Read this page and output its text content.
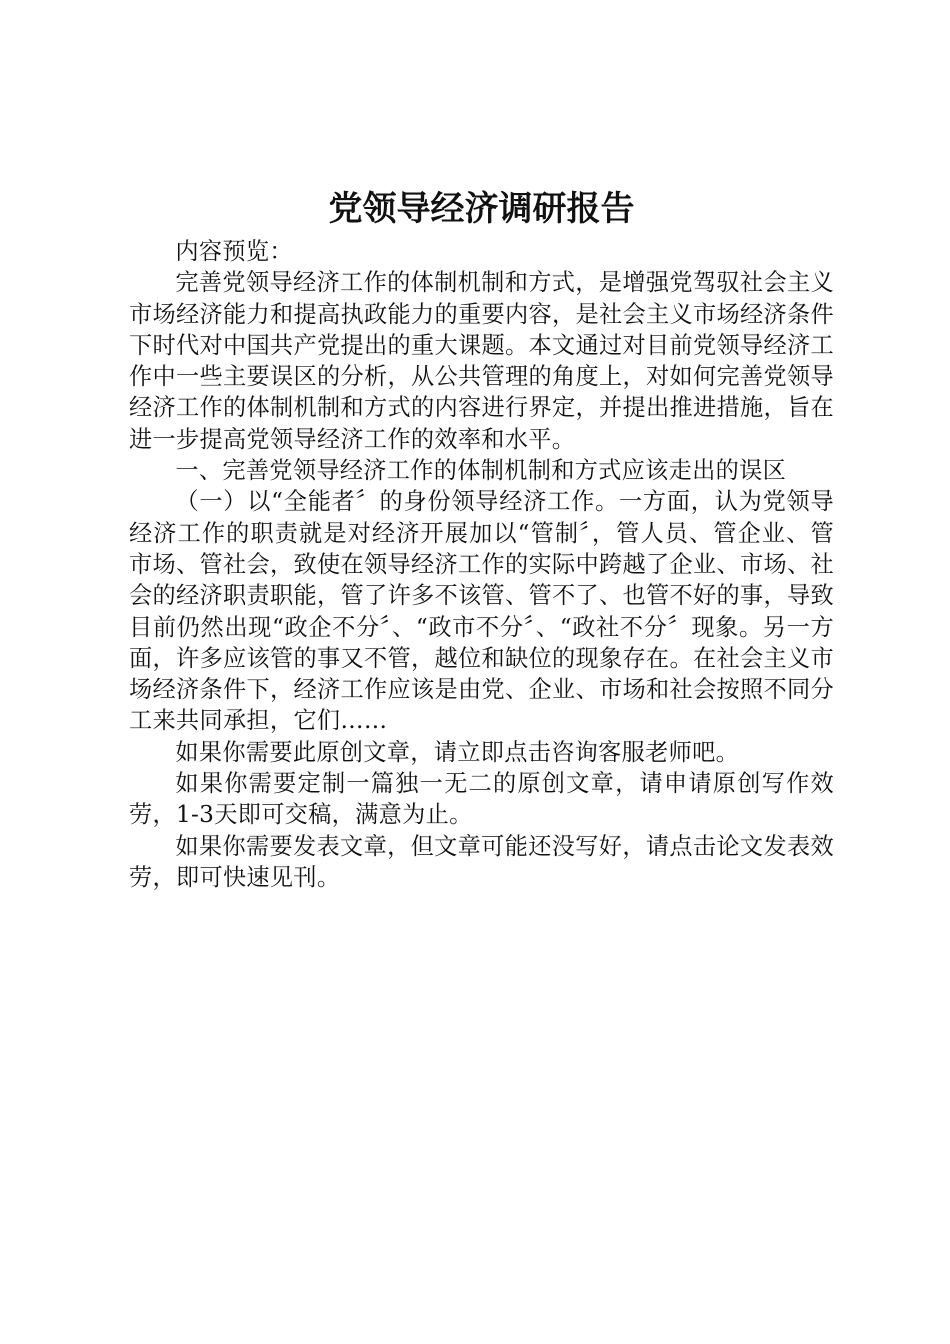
党领导经济调研报告

内容预览：

完善党领导经济工作的体制机制和方式，是增强党驾驭社会主义市场经济能力和提高执政能力的重要内容，是社会主义市场经济条件下时代对中国共产党提出的重大课题。本文通过对目前党领导经济工作中一些主要误区的分析，从公共管理的角度上，对如何完善党领导经济工作的体制机制和方式的内容进行界定，并提出推进措施，旨在进一步提高党领导经济工作的效率和水平。

一、完善党领导经济工作的体制机制和方式应该走出的误区

（一）以“全能者〞的身份领导经济工作。一方面，认为党领导经济工作的职责就是对经济开展加以“管制〞，管人员、管企业、管市场、管社会，致使在领导经济工作的实际中跨越了企业、市场、社会的经济职责职能，管了许多不该管、管不了、也管不好的事，导致目前仍然出现“政企不分〞、“政市不分〞、“政社不分〞现象。另一方面，许多应该管的事又不管，越位和缺位的现象存在。在社会主义市场经济条件下，经济工作应该是由党、企业、市场和社会按照不同分工来共同承担，它们……

如果你需要此原创文章，请立即点击咨询客服老师吧。

如果你需要定制一篇独一无二的原创文章，请申请原创写作效劳，1-3天即可交稿，满意为止。

如果你需要发表文章，但文章可能还没写好，请点击论文发表效劳，即可快速见刊。
